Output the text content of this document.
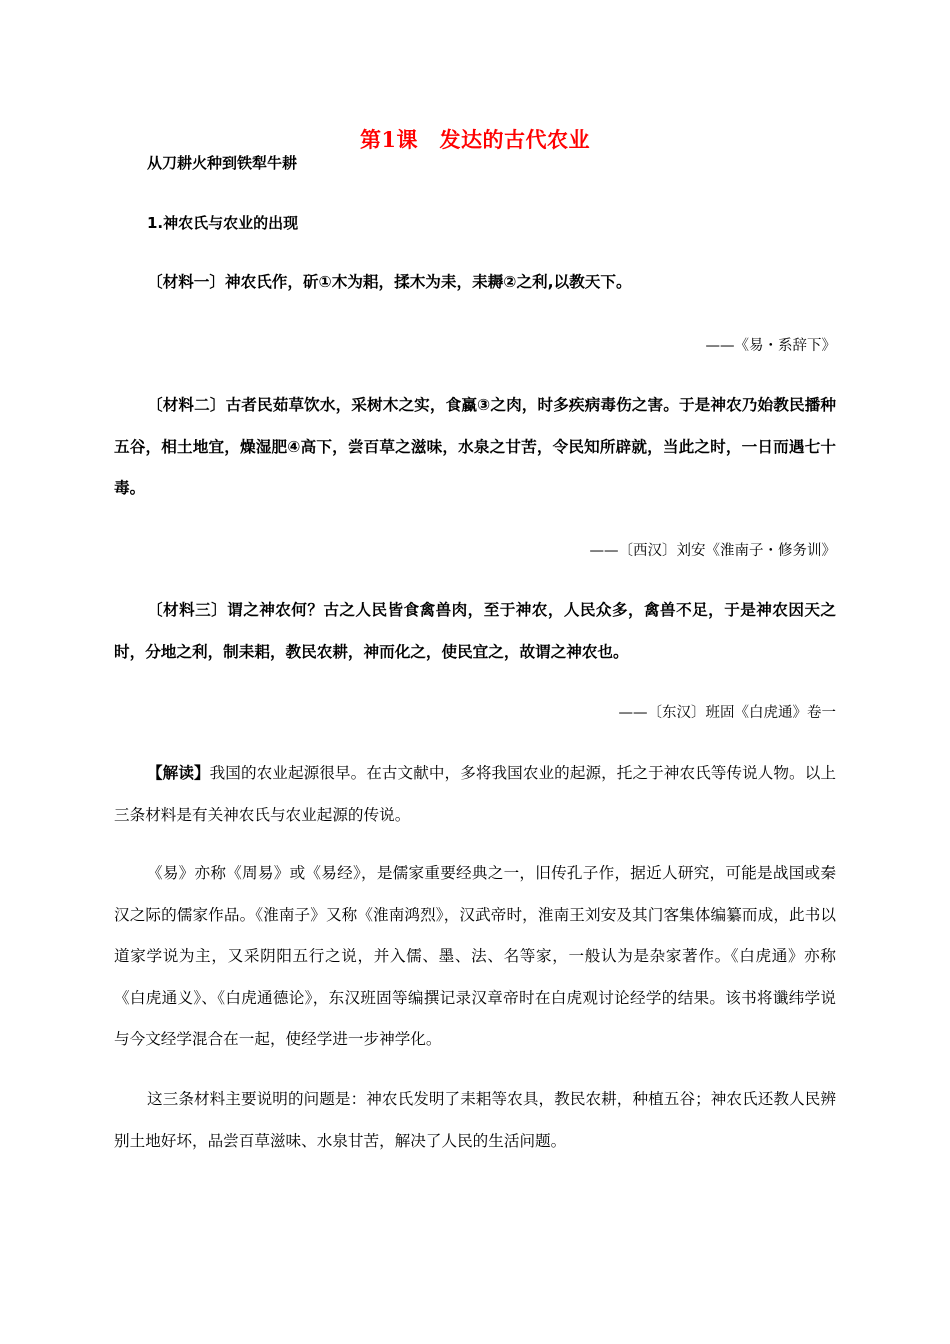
第1课　发达的古代农业
从刀耕火种到铁犁牛耕
1.神农氏与农业的出现

〔材料一〕神农氏作，斫①木为耜，揉木为耒，耒耨②之利,以教天下。

——《易・系辞下》

〔材料二〕古者民茹草饮水，采树木之实，食蠃③之肉，时多疾病毒伤之害。于是神农乃始教民播种五谷，相土地宜，燥湿肥④高下，尝百草之滋味，水泉之甘苦，令民知所辟就，当此之时，一日而遇七十毒。

——〔西汉〕刘安《淮南子・修务训》

〔材料三〕谓之神农何？古之人民皆食禽兽肉，至于神农，人民众多，禽兽不足，于是神农因天之时，分地之利，制耒耜，教民农耕，神而化之，使民宜之，故谓之神农也。

——〔东汉〕班固《白虎通》卷一

【解读】我国的农业起源很早。在古文献中，多将我国农业的起源，托之于神农氏等传说人物。以上三条材料是有关神农氏与农业起源的传说。

《易》亦称《周易》或《易经》，是儒家重要经典之一，旧传孔子作，据近人研究，可能是战国或秦汉之际的儒家作品。《淮南子》又称《淮南鸿烈》，汉武帝时，淮南王刘安及其门客集体编纂而成，此书以道家学说为主，又采阴阳五行之说，并入儒、墨、法、名等家，一般认为是杂家著作。《白虎通》亦称《白虎通义》、《白虎通德论》，东汉班固等编撰记录汉章帝时在白虎观讨论经学的结果。该书将谶纬学说与今文经学混合在一起，使经学进一步神学化。

这三条材料主要说明的问题是：神农氏发明了耒耜等农具，教民农耕，种植五谷；神农氏还教人民辨别土地好坏，品尝百草滋味、水泉甘苦，解决了人民的生活问题。
